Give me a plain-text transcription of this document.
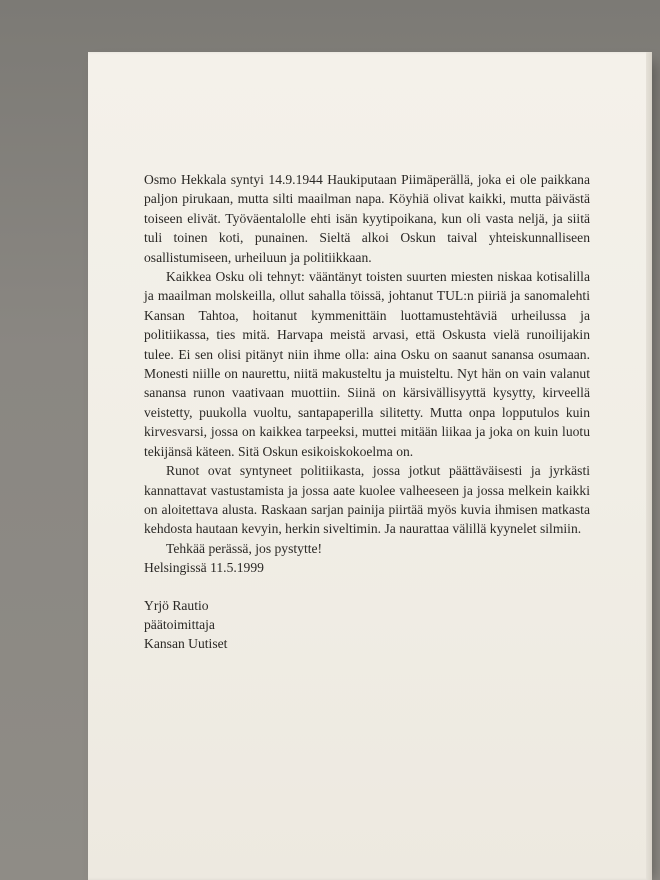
Osmo Hekkala syntyi 14.9.1944 Haukiputaan Piimäperällä, joka ei ole paikkana paljon pirukaan, mutta silti maailman napa. Köyhiä olivat kaikki, mutta päivästä toiseen elivät. Työväentalolle ehti isän kyytipoikana, kun oli vasta neljä, ja siitä tuli toinen koti, punainen. Sieltä alkoi Oskun taival yhteiskunnalliseen osallistumiseen, urheiluun ja politiikkaan.

Kaikkea Osku oli tehnyt: vääntänyt toisten suurten miesten niskaa kotisalilla ja maailman molskeilla, ollut sahalla töissä, johtanut TUL:n piiriä ja sanomalehti Kansan Tahtoa, hoitanut kymmenittäin luottamustehtäviä urheilussa ja politiikassa, ties mitä. Harvapa meistä arvasi, että Oskusta vielä runoilijakin tulee. Ei sen olisi pitänyt niin ihme olla: aina Osku on saanut sanansa osumaan. Monesti niille on naurettu, niitä makusteltu ja muisteltu. Nyt hän on vain valanut sanansa runon vaativaan muottiin. Siinä on kärsivällisyyttä kysytty, kirveellä veistetty, puukolla vuoltu, santapaperilla silitetty. Mutta onpa lopputulos kuin kirvesvarsi, jossa on kaikkea tarpeeksi, muttei mitään liikaa ja joka on kuin luotu tekijänsä käteen. Sitä Oskun esikoiskokoelma on.

Runot ovat syntyneet politiikasta, jossa jotkut päättäväisesti ja jyrkästi kannattavat vastustamista ja jossa aate kuolee valheeseen ja jossa melkein kaikki on aloitettava alusta. Raskaan sarjan painija piirtää myös kuvia ihmisen matkasta kehdosta hautaan kevyin, herkin siveltimin. Ja naurattaa välillä kyynelet silmiin.

Tehkää perässä, jos pystytte!

Helsingissä 11.5.1999

Yrjö Rautio
päätoimittaja
Kansan Uutiset
